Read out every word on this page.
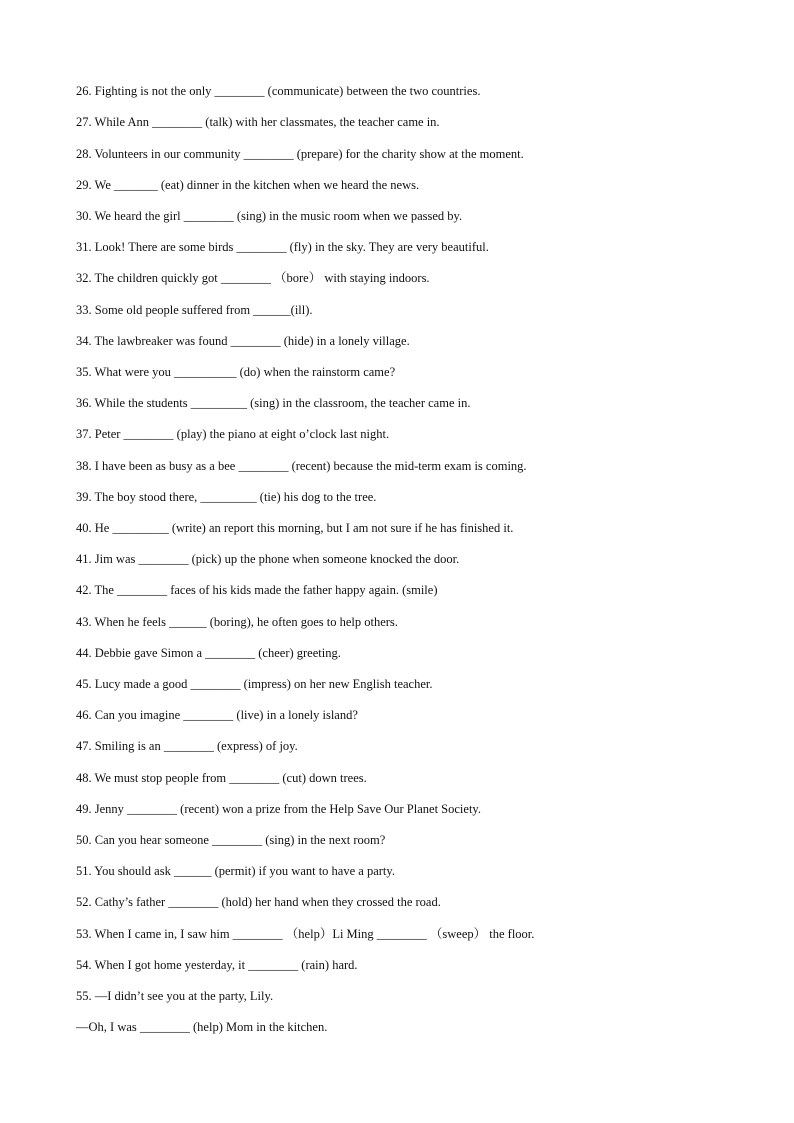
26. Fighting is not the only ________ (communicate) between the two countries.
27. While Ann ________ (talk) with her classmates, the teacher came in.
28. Volunteers in our community ________ (prepare) for the charity show at the moment.
29. We _______ (eat) dinner in the kitchen when we heard the news.
30. We heard the girl ________ (sing) in the music room when we passed by.
31. Look! There are some birds ________ (fly) in the sky. They are very beautiful.
32. The children quickly got ________ （bore） with staying indoors.
33. Some old people suffered from ______(ill).
34. The lawbreaker was found ________ (hide) in a lonely village.
35. What were you __________ (do) when the rainstorm came?
36. While the students _________ (sing) in the classroom, the teacher came in.
37. Peter ________ (play) the piano at eight o’clock last night.
38. I have been as busy as a bee ________ (recent) because the mid-term exam is coming.
39. The boy stood there, _________ (tie) his dog to the tree.
40. He _________ (write) an report this morning, but I am not sure if he has finished it.
41. Jim was ________ (pick) up the phone when someone knocked the door.
42. The ________ faces of his kids made the father happy again. (smile)
43. When he feels ______ (boring), he often goes to help others.
44. Debbie gave Simon a ________ (cheer) greeting.
45. Lucy made a good ________ (impress) on her new English teacher.
46. Can you imagine ________ (live) in a lonely island?
47. Smiling is an ________ (express) of joy.
48. We must stop people from ________ (cut) down trees.
49. Jenny ________ (recent) won a prize from the Help Save Our Planet Society.
50. Can you hear someone ________ (sing) in the next room?
51. You should ask ______ (permit) if you want to have a party.
52. Cathy’s father ________ (hold) her hand when they crossed the road.
53. When I came in, I saw him ________ （help）Li Ming ________ （sweep） the floor.
54. When I got home yesterday, it ________ (rain) hard.
55. —I didn’t see you at the party, Lily.
—Oh, I was ________ (help) Mom in the kitchen.
